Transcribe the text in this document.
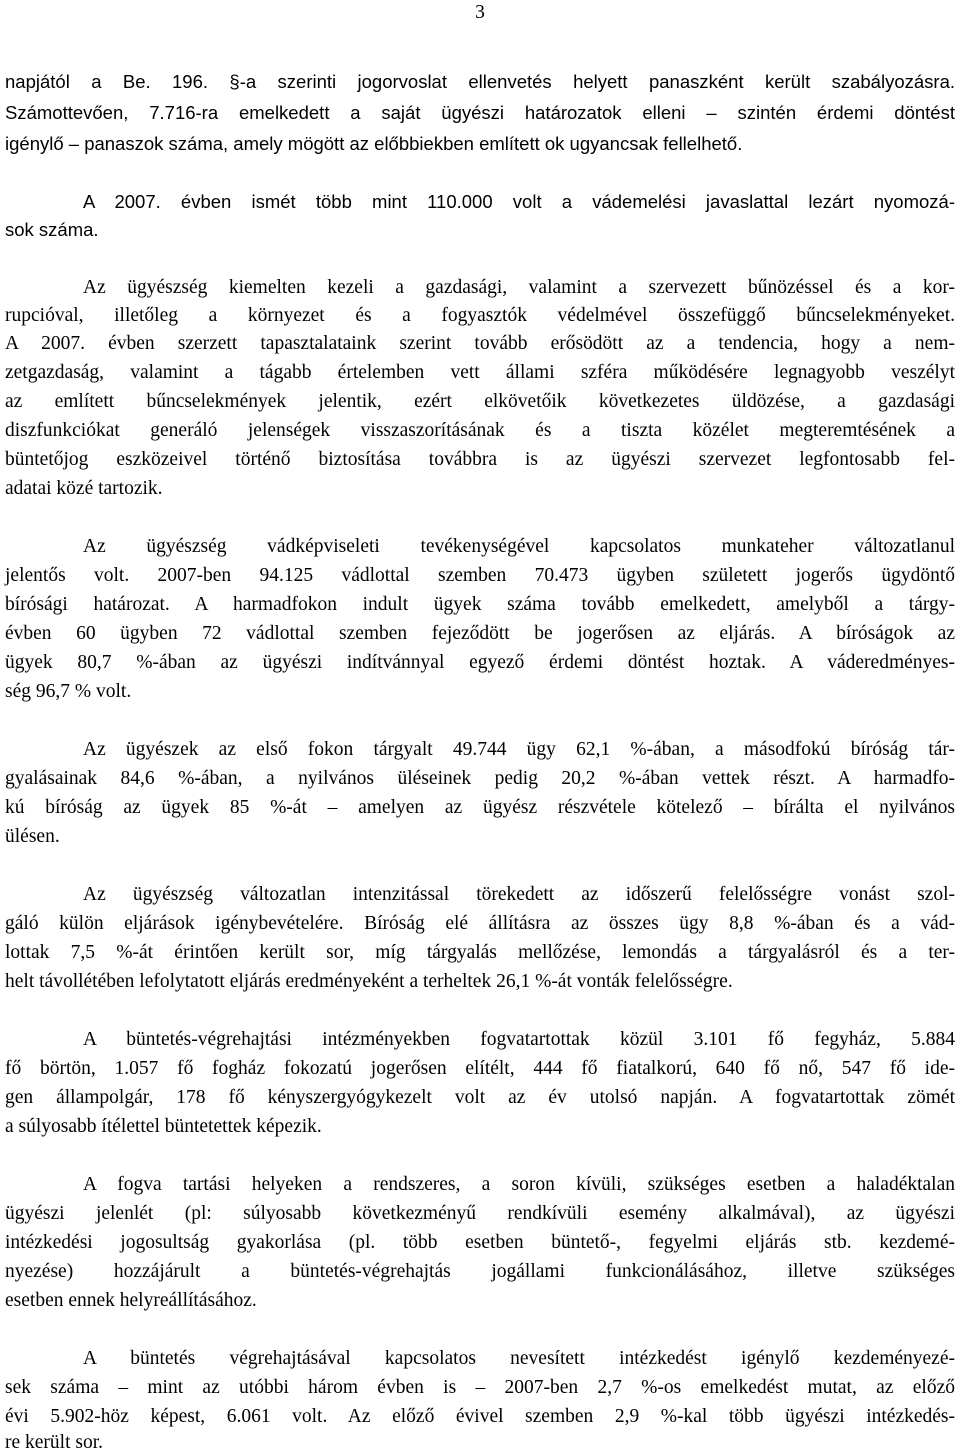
3

napjától a Be. 196. §-a szerinti jogorvoslat ellenvetés helyett panaszként került szabályozásra.

Számottevően, 7.716-ra emelkedett a saját ügyészi határozatok elleni – szintén érdemi döntést

igénylő – panaszok száma, amely mögött az előbbiekben említett ok ugyancsak fellelhető.

A 2007. évben ismét több mint 110.000 volt a vádemelési javaslattal lezárt nyomozá-

sok száma.

Az ügyészség kiemelten kezeli a gazdasági, valamint a szervezett bűnözéssel és a kor-

rupcióval, illetőleg a környezet és a fogyasztók védelmével összefüggő bűncselekményeket.

A 2007. évben szerzett tapasztalataink szerint tovább erősödött az a tendencia, hogy a nem-

zetgazdaság, valamint a tágabb értelemben vett állami szféra működésére legnagyobb veszélyt

az említett bűncselekmények jelentik, ezért elkövetőik következetes üldözése, a gazdasági

diszfunkciókat generáló jelenségek visszaszorításának és a tiszta közélet megteremtésének a

büntetőjog eszközeivel történő biztosítása továbbra is az ügyészi szervezet legfontosabb fel-

adatai közé tartozik.

Az ügyészség vádképviseleti tevékenységével kapcsolatos munkateher változatlanul

jelentős volt. 2007-ben 94.125 vádlottal szemben 70.473 ügyben született jogerős ügydöntő

bírósági határozat. A harmadfokon indult ügyek száma tovább emelkedett, amelyből a tárgy-

évben 60 ügyben 72 vádlottal szemben fejeződött be jogerősen az eljárás. A bíróságok az

ügyek 80,7 %-ában az ügyészi indítvánnyal egyező érdemi döntést hoztak. A váderedményes-

ség 96,7 % volt.

Az ügyészek az első fokon tárgyalt 49.744 ügy 62,1 %-ában, a másodfokú bíróság tár-

gyalásainak 84,6 %-ában, a nyilvános üléseinek pedig 20,2 %-ában vettek részt. A harmadfo-

kú bíróság az ügyek 85 %-át – amelyen az ügyész részvétele kötelező – bírálta el nyilvános

ülésen.

Az ügyészség változatlan intenzitással törekedett az időszerű felelősségre vonást szol-

gáló külön eljárások igénybevételére. Bíróság elé állításra az összes ügy 8,8 %-ában és a vád-

lottak 7,5 %-át érintően került sor, míg tárgyalás mellőzése, lemondás a tárgyalásról és a ter-

helt távollétében lefolytatott eljárás eredményeként a terheltek 26,1 %-át vonták felelősségre.

A büntetés-végrehajtási intézményekben fogvatartottak közül 3.101 fő fegyház, 5.884

fő börtön, 1.057 fő fogház fokozatú jogerősen elítélt, 444 fő fiatalkorú, 640 fő nő, 547 fő ide-

gen állampolgár, 178 fő kényszergyógykezelt volt az év utolsó napján. A fogvatartottak zömét

a súlyosabb ítélettel büntetettek képezik.

A fogva tartási helyeken a rendszeres, a soron kívüli, szükséges esetben a haladéktalan

ügyészi jelenlét (pl: súlyosabb következményű rendkívüli esemény alkalmával), az ügyészi

intézkedési jogosultság gyakorlása (pl. több esetben büntető-, fegyelmi eljárás stb. kezdemé-

nyezése) hozzájárult a büntetés-végrehajtás jogállami funkcionálásához, illetve szükséges

esetben ennek helyreállításához.

A büntetés végrehajtásával kapcsolatos nevesített intézkedést igénylő kezdeményezé-

sek száma – mint az utóbbi három évben is – 2007-ben 2,7 %-os emelkedést mutat, az előző

évi 5.902-höz képest, 6.061 volt. Az előző évivel szemben 2,9 %-kal több ügyészi intézkedés-

re került sor.
